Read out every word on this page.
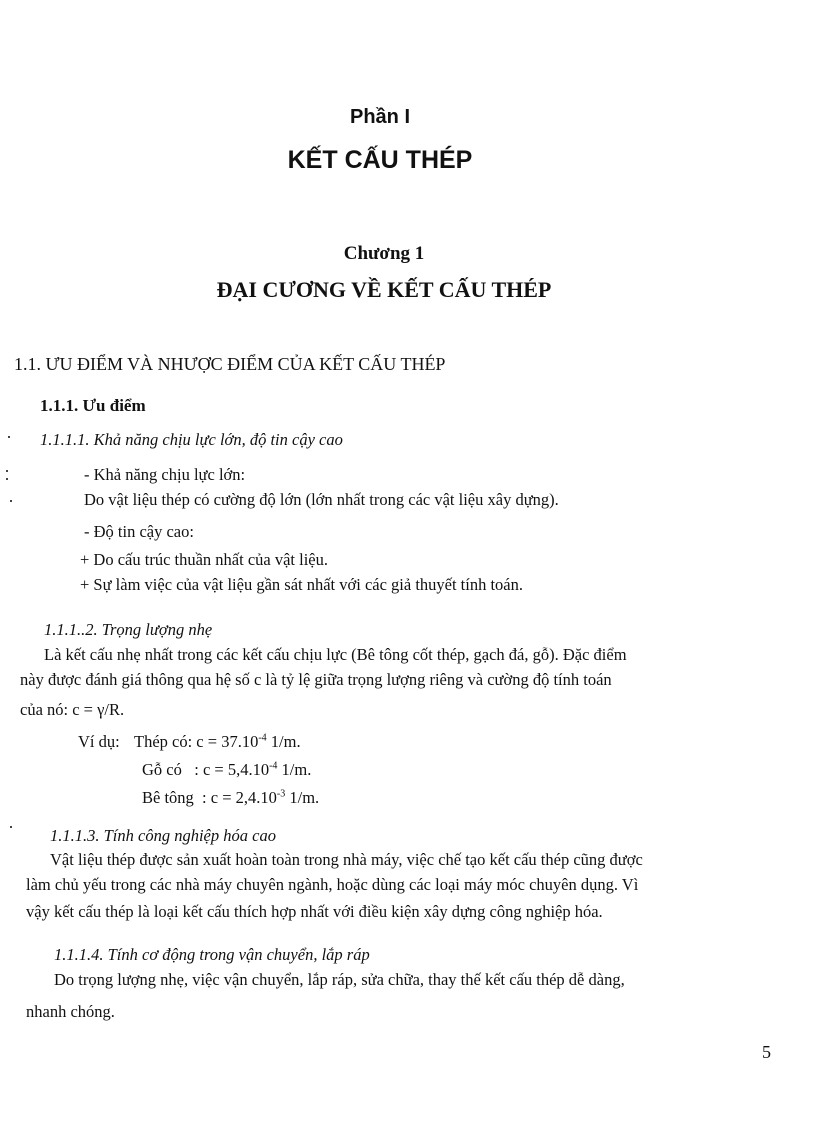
Phần I
KẾT CẤU THÉP
Chương 1
ĐẠI CƯƠNG VỀ KẾT CẤU THÉP
1.1. ƯU ĐIỂM VÀ NHƯỢC ĐIỂM CỦA KẾT CẤU THÉP
1.1.1. Ưu điểm
1.1.1.1. Khả năng chịu lực lớn, độ tin cậy cao
- Khả năng chịu lực lớn:
Do vật liệu thép có cường độ lớn (lớn nhất trong các vật liệu xây dựng).
- Độ tin cậy cao:
+ Do cấu trúc thuần nhất của vật liệu.
+ Sự làm việc của vật liệu gần sát nhất với các giả thuyết tính toán.
1.1.1..2. Trọng lượng nhẹ
Là kết cấu nhẹ nhất trong các kết cấu chịu lực (Bê tông cốt thép, gạch đá, gỗ). Đặc điểm
này được đánh giá thông qua hệ số c là tỷ lệ giữa trọng lượng riêng và cường độ tính toán
của nó: c = γ/R.
Ví dụ: Thép có: $c = 37.10^{-4}$ 1/m.
Gỗ có   : $c = 5,4.10^{-4}$ 1/m.
Bê tông  : $c = 2,4.10^{-3}$ 1/m.
1.1.1.3. Tính công nghiệp hóa cao
Vật liệu thép được sản xuất hoàn toàn trong nhà máy, việc chế tạo kết cấu thép cũng được
làm chủ yếu trong các nhà máy chuyên ngành, hoặc dùng các loại máy móc chuyên dụng. Vì
vậy kết cấu thép là loại kết cấu thích hợp nhất với điều kiện xây dựng công nghiệp hóa.
1.1.1.4. Tính cơ động trong vận chuyển, lắp ráp
Do trọng lượng nhẹ, việc vận chuyển, lắp ráp, sửa chữa, thay thế kết cấu thép dễ dàng,
nhanh chóng.
5
